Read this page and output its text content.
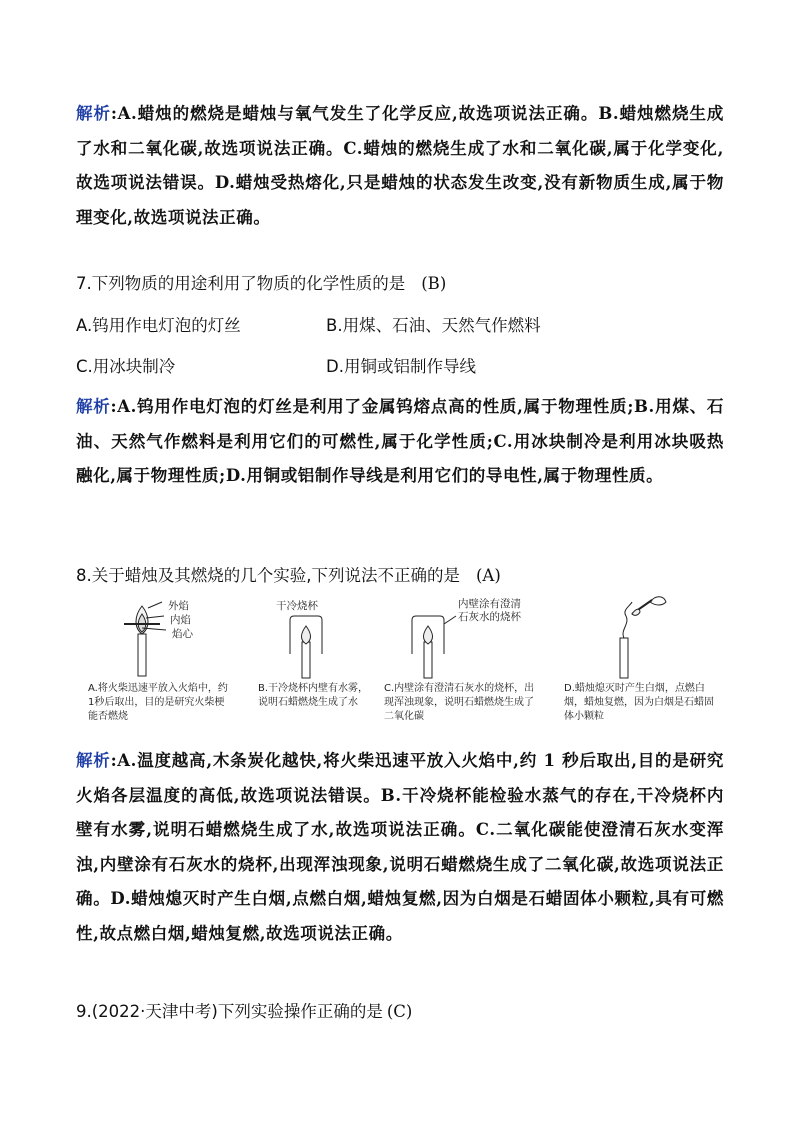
解析:A.蜡烛的燃烧是蜡烛与氧气发生了化学反应,故选项说法正确。B.蜡烛燃烧生成了水和二氧化碳,故选项说法正确。C.蜡烛的燃烧生成了水和二氧化碳,属于化学变化,故选项说法错误。D.蜡烛受热熔化,只是蜡烛的状态发生改变,没有新物质生成,属于物理变化,故选项说法正确。
7.下列物质的用途利用了物质的化学性质的是 (B)
A.钨用作电灯泡的灯丝	B.用煤、石油、天然气作燃料
C.用冰块制冷	D.用铜或铝制作导线
解析:A.钨用作电灯泡的灯丝是利用了金属钨熔点高的性质,属于物理性质;B.用煤、石油、天然气作燃料是利用它们的可燃性,属于化学性质;C.用冰块制冷是利用冰块吸热融化,属于物理性质;D.用铜或铝制作导线是利用它们的导电性,属于物理性质。
8.关于蜡烛及其燃烧的几个实验,下列说法不正确的是 (A)
外焰
内焰
焰心
干冷烧杯	内壁涂有澄清石灰水的烧杯
A.将火柴迅速平放入火焰中，约1秒后取出，目的是研究火柴梗能否燃烧
B.干冷烧杯内壁有水雾，说明石蜡燃烧生成了水
C.内壁涂有澄清石灰水的烧杯，出现浑浊现象，说明石蜡燃烧生成了二氧化碳
D.蜡烛熄灭时产生白烟，点燃白烟，蜡烛复燃，因为白烟是石蜡固体小颗粒
解析:A.温度越高,木条炭化越快,将火柴迅速平放入火焰中,约 1 秒后取出,目的是研究火焰各层温度的高低,故选项说法错误。B.干冷烧杯能检验水蒸气的存在,干冷烧杯内壁有水雾,说明石蜡燃烧生成了水,故选项说法正确。C.二氧化碳能使澄清石灰水变浑浊,内壁涂有石灰水的烧杯,出现浑浊现象,说明石蜡燃烧生成了二氧化碳,故选项说法正确。D.蜡烛熄灭时产生白烟,点燃白烟,蜡烛复燃,因为白烟是石蜡固体小颗粒,具有可燃性,故点燃白烟,蜡烛复燃,故选项说法正确。
9.(2022·天津中考)下列实验操作正确的是 (C)
